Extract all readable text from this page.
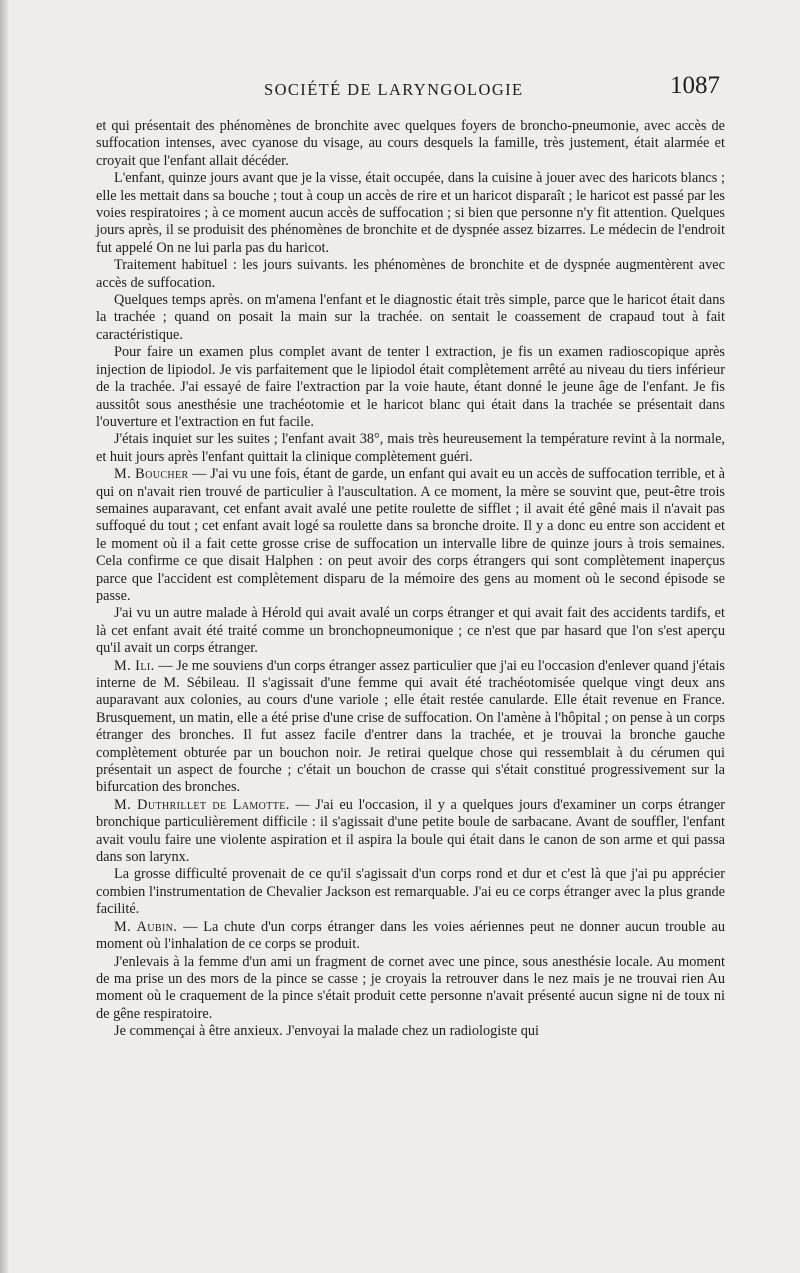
SOCIÉTÉ DE LARYNGOLOGIE	1087

et qui présentait des phénomènes de bronchite avec quelques foyers de broncho-pneumonie, avec accès de suffocation intenses, avec cyanose du visage, au cours desquels la famille, très justement, était alarmée et croyait que l'enfant allait décéder.

L'enfant, quinze jours avant que je la visse, était occupée, dans la cuisine à jouer avec des haricots blancs ; elle les mettait dans sa bouche ; tout à coup un accès de rire et un haricot disparaît ; le haricot est passé par les voies respiratoires ; à ce moment aucun accès de suffocation ; si bien que personne n'y fit attention. Quelques jours après, il se produisit des phénomènes de bronchite et de dyspnée assez bizarres. Le médecin de l'endroit fut appelé On ne lui parla pas du haricot.

Traitement habituel : les jours suivants. les phénomènes de bronchite et de dyspnée augmentèrent avec accès de suffocation.

Quelques temps après. on m'amena l'enfant et le diagnostic était très simple, parce que le haricot était dans la trachée ; quand on posait la main sur la trachée. on sentait le coassement de crapaud tout à fait caractéristique.

Pour faire un examen plus complet avant de tenter l extraction, je fis un examen radioscopique après injection de lipiodol. Je vis parfaitement que le lipiodol était complètement arrêté au niveau du tiers inférieur de la trachée. J'ai essayé de faire l'extraction par la voie haute, étant donné le jeune âge de l'enfant. Je fis aussitôt sous anesthésie une trachéotomie et le haricot blanc qui était dans la trachée se présentait dans l'ouverture et l'extraction en fut facile.

J'étais inquiet sur les suites ; l'enfant avait 38°, mais très heureusement la température revint à la normale, et huit jours après l'enfant quittait la clinique complètement guéri.

M. Boucher — J'ai vu une fois, étant de garde, un enfant qui avait eu un accès de suffocation terrible, et à qui on n'avait rien trouvé de particulier à l'auscultation. A ce moment, la mère se souvint que, peut-être trois semaines auparavant, cet enfant avait avalé une petite roulette de sifflet ; il avait été gêné mais il n'avait pas suffoqué du tout ; cet enfant avait logé sa roulette dans sa bronche droite. Il y a donc eu entre son accident et le moment où il a fait cette grosse crise de suffocation un intervalle libre de quinze jours à trois semaines. Cela confirme ce que disait Halphen : on peut avoir des corps étrangers qui sont complètement inaperçus parce que l'accident est complètement disparu de la mémoire des gens au moment où le second épisode se passe.

J'ai vu un autre malade à Hérold qui avait avalé un corps étranger et qui avait fait des accidents tardifs, et là cet enfant avait été traité comme un bronchopneumonique ; ce n'est que par hasard que l'on s'est aperçu qu'il avait un corps étranger.

M. Ili. — Je me souviens d'un corps étranger assez particulier que j'ai eu l'occasion d'enlever quand j'étais interne de M. Sébileau. Il s'agissait d'une femme qui avait été trachéotomisée quelque vingt deux ans auparavant aux colonies, au cours d'une variole ; elle était restée canularde. Elle était revenue en France. Brusquement, un matin, elle a été prise d'une crise de suffocation. On l'amène à l'hôpital ; on pense à un corps étranger des bronches. Il fut assez facile d'entrer dans la trachée, et je trouvai la bronche gauche complètement obturée par un bouchon noir. Je retirai quelque chose qui ressemblait à du cérumen qui présentait un aspect de fourche ; c'était un bouchon de crasse qui s'était constitué progressivement sur la bifurcation des bronches.

M. Duthrillet de Lamotte. — J'ai eu l'occasion, il y a quelques jours d'examiner un corps étranger bronchique particulièrement difficile : il s'agissait d'une petite boule de sarbacane. Avant de souffler, l'enfant avait voulu faire une violente aspiration et il aspira la boule qui était dans le canon de son arme et qui passa dans son larynx.

La grosse difficulté provenait de ce qu'il s'agissait d'un corps rond et dur et c'est là que j'ai pu apprécier combien l'instrumentation de Chevalier Jackson est remarquable. J'ai eu ce corps étranger avec la plus grande facilité.

M. Aubin. — La chute d'un corps étranger dans les voies aériennes peut ne donner aucun trouble au moment où l'inhalation de ce corps se produit.

J'enlevais à la femme d'un ami un fragment de cornet avec une pince, sous anesthésie locale. Au moment de ma prise un des mors de la pince se casse ; je croyais la retrouver dans le nez mais je ne trouvai rien Au moment où le craquement de la pince s'était produit cette personne n'avait présenté aucun signe ni de toux ni de gêne respiratoire.

Je commençai à être anxieux. J'envoyai la malade chez un radiologiste qui
